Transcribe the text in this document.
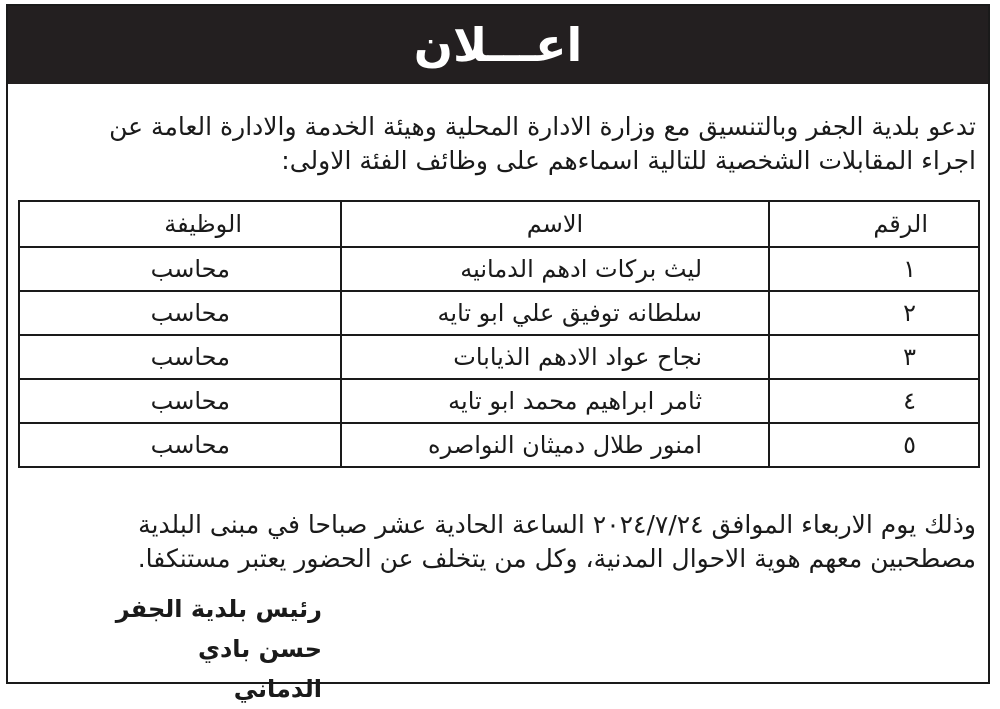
اعـــلان
تدعو بلدية الجفر وبالتنسيق مع وزارة الادارة المحلية وهيئة الخدمة والادارة العامة عن
اجراء المقابلات الشخصية للتالية اسماءهم على وظائف الفئة الاولى:
الرقم	الاسم	الوظيفة
١	ليث بركات ادهم الدمانيه	محاسب
٢	سلطانه توفيق علي ابو تايه	محاسب
٣	نجاح عواد الادهم الذيابات	محاسب
٤	ثامر ابراهيم محمد ابو تايه	محاسب
٥	امنور طلال دميثان النواصره	محاسب
وذلك يوم الاربعاء الموافق ٢٠٢٤/٧/٢٤ الساعة الحادية عشر صباحا في مبنى البلدية
مصطحبين معهم هوية الاحوال المدنية، وكل من يتخلف عن الحضور يعتبر مستنكفا.
رئيس بلدية الجفر
حسن بادي الدماني
